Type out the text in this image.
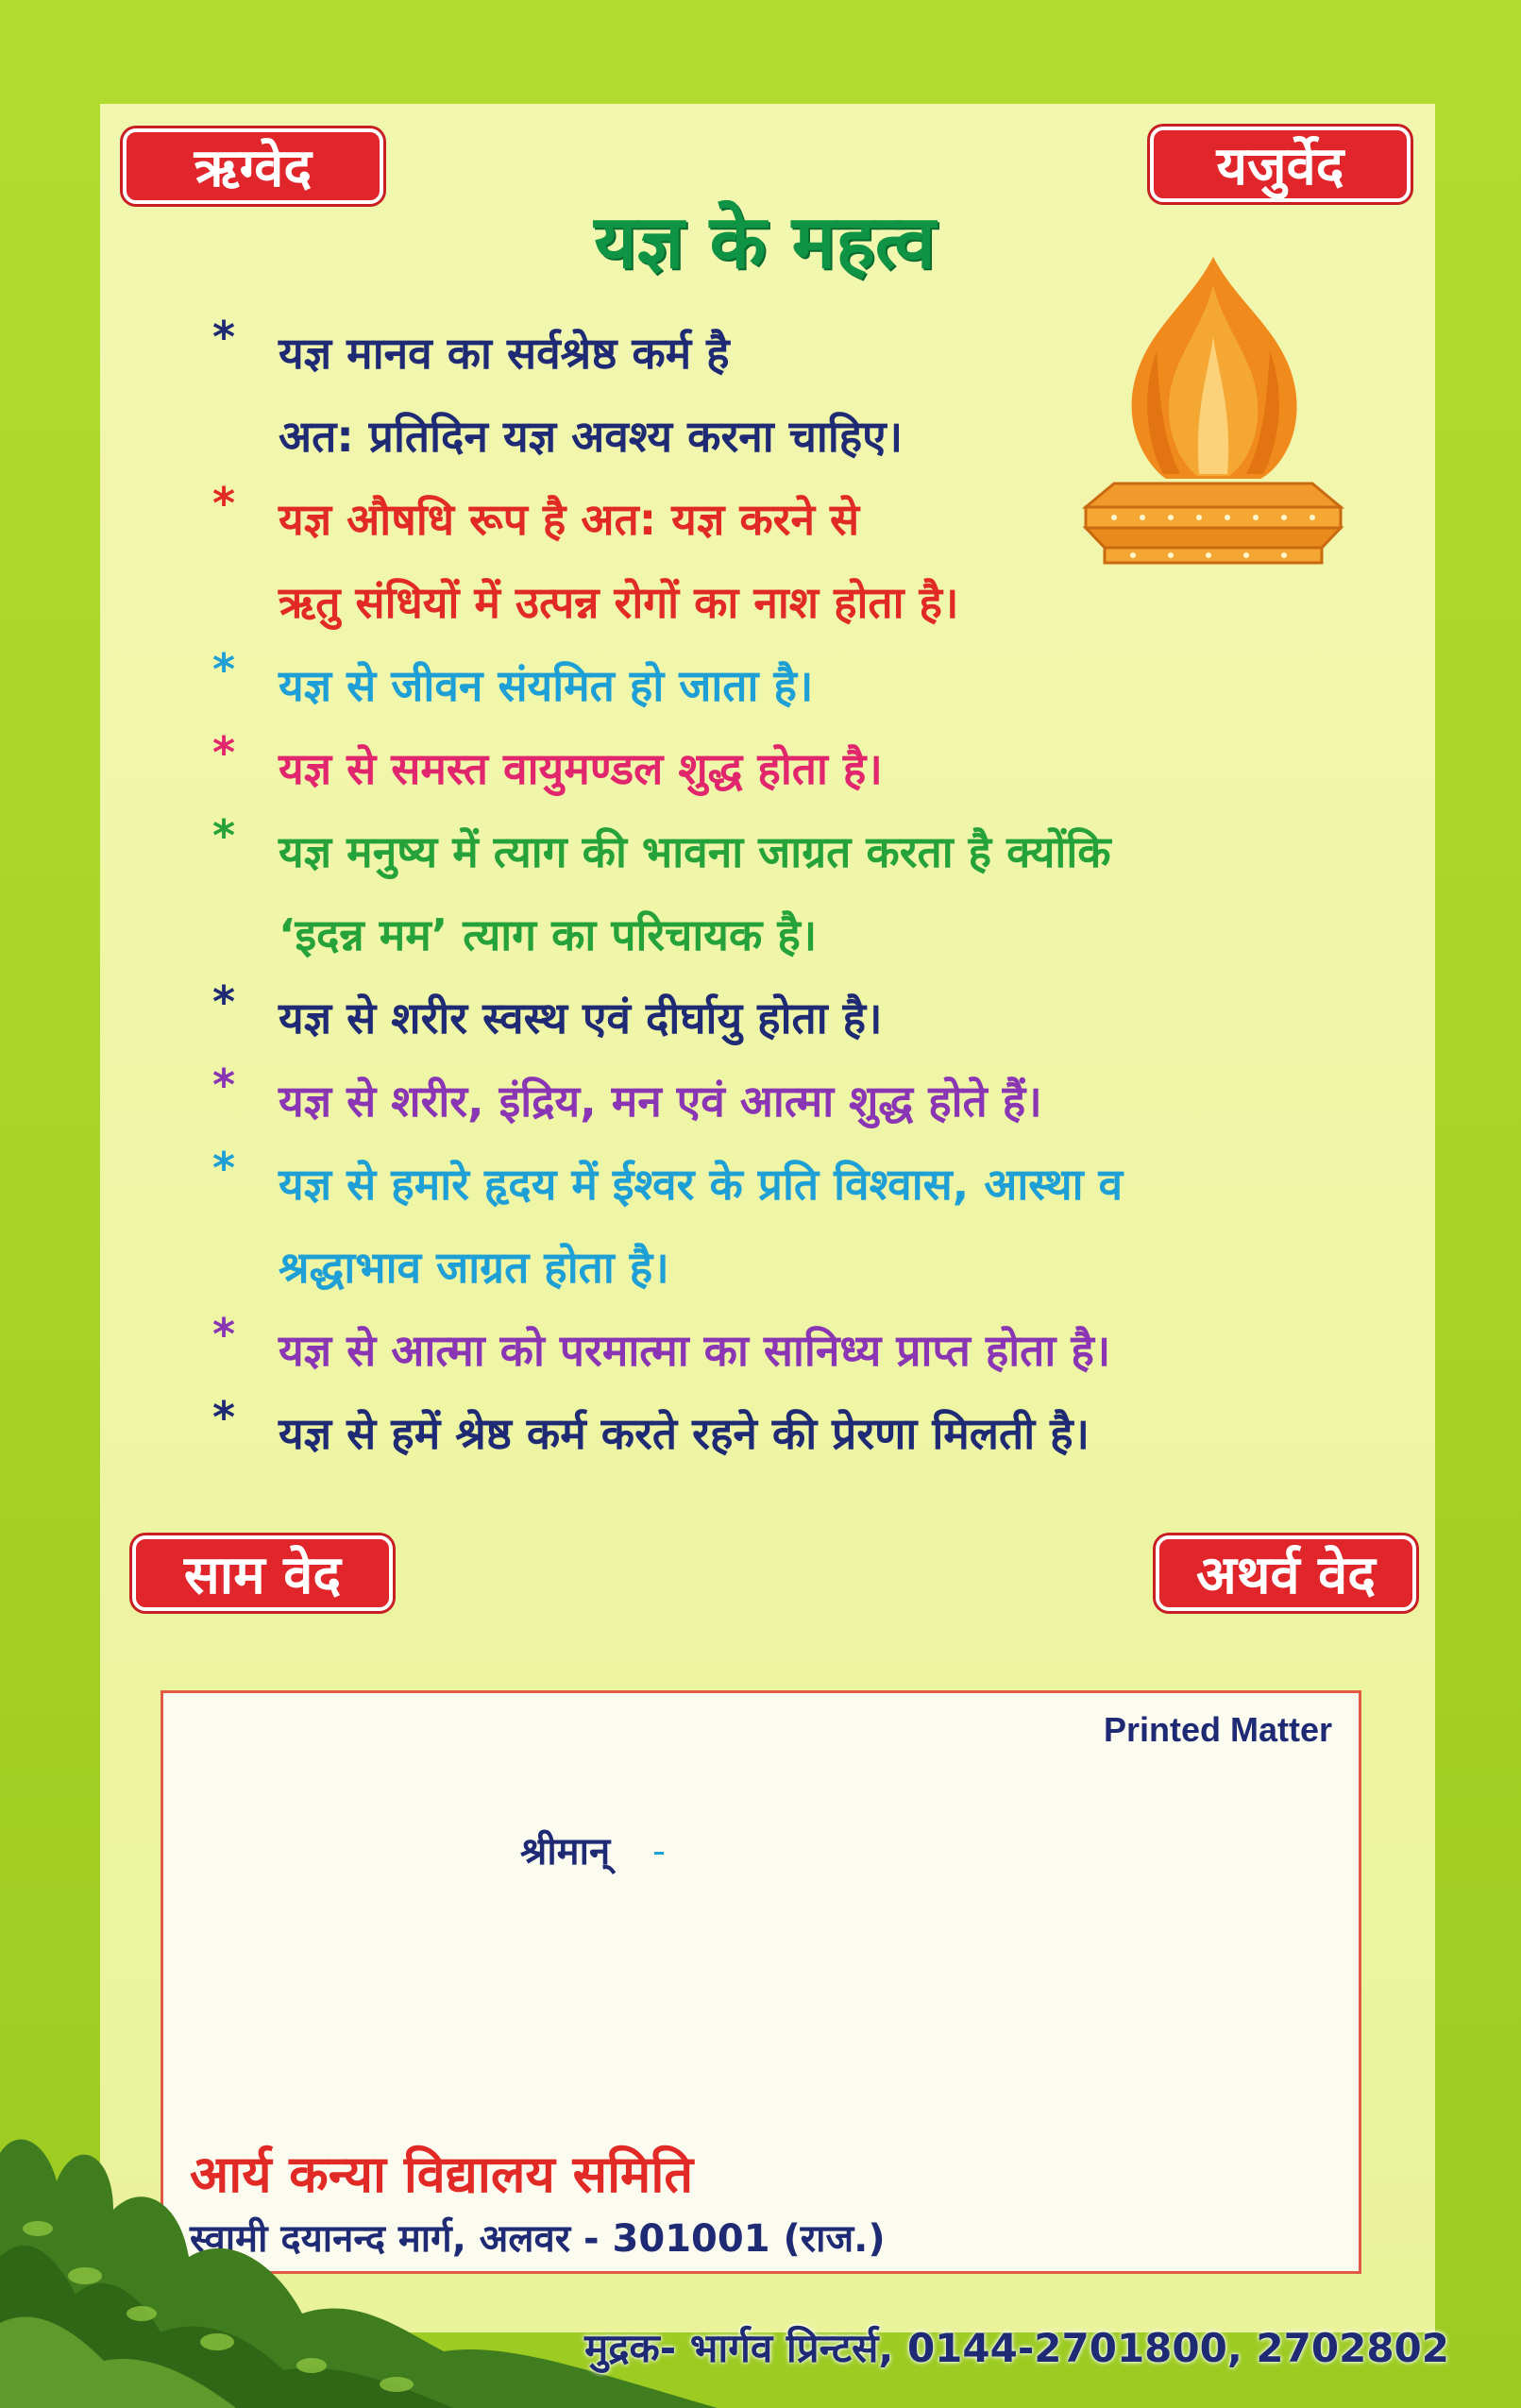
ऋग्वेद	यजुर्वेद
यज्ञ के महत्व
* यज्ञ मानव का सर्वश्रेष्ठ कर्म है
अत: प्रतिदिन यज्ञ अवश्य करना चाहिए।
* यज्ञ औषधि रूप है अत: यज्ञ करने से
ऋतु संधियों में उत्पन्न रोगों का नाश होता है।
* यज्ञ से जीवन संयमित हो जाता है।
* यज्ञ से समस्त वायुमण्डल शुद्ध होता है।
* यज्ञ मनुष्य में त्याग की भावना जाग्रत करता है क्योंकि
‘इदन्न मम’ त्याग का परिचायक है।
* यज्ञ से शरीर स्वस्थ एवं दीर्घायु होता है।
* यज्ञ से शरीर, इंद्रिय, मन एवं आत्मा शुद्ध होते हैं।
* यज्ञ से हमारे हृदय में ईश्वर के प्रति विश्वास, आस्था व
श्रद्धाभाव जाग्रत होता है।
* यज्ञ से आत्मा को परमात्मा का सानिध्य प्राप्त होता है।
* यज्ञ से हमें श्रेष्ठ कर्म करते रहने की प्रेरणा मिलती है।
साम वेद	अथर्व वेद
Printed Matter
श्रीमान्
आर्य कन्या विद्यालय समिति
स्वामी दयानन्द मार्ग, अलवर - 301001 (राज.)
मुद्रक- भार्गव प्रिन्टर्स, 0144-2701800, 2702802
